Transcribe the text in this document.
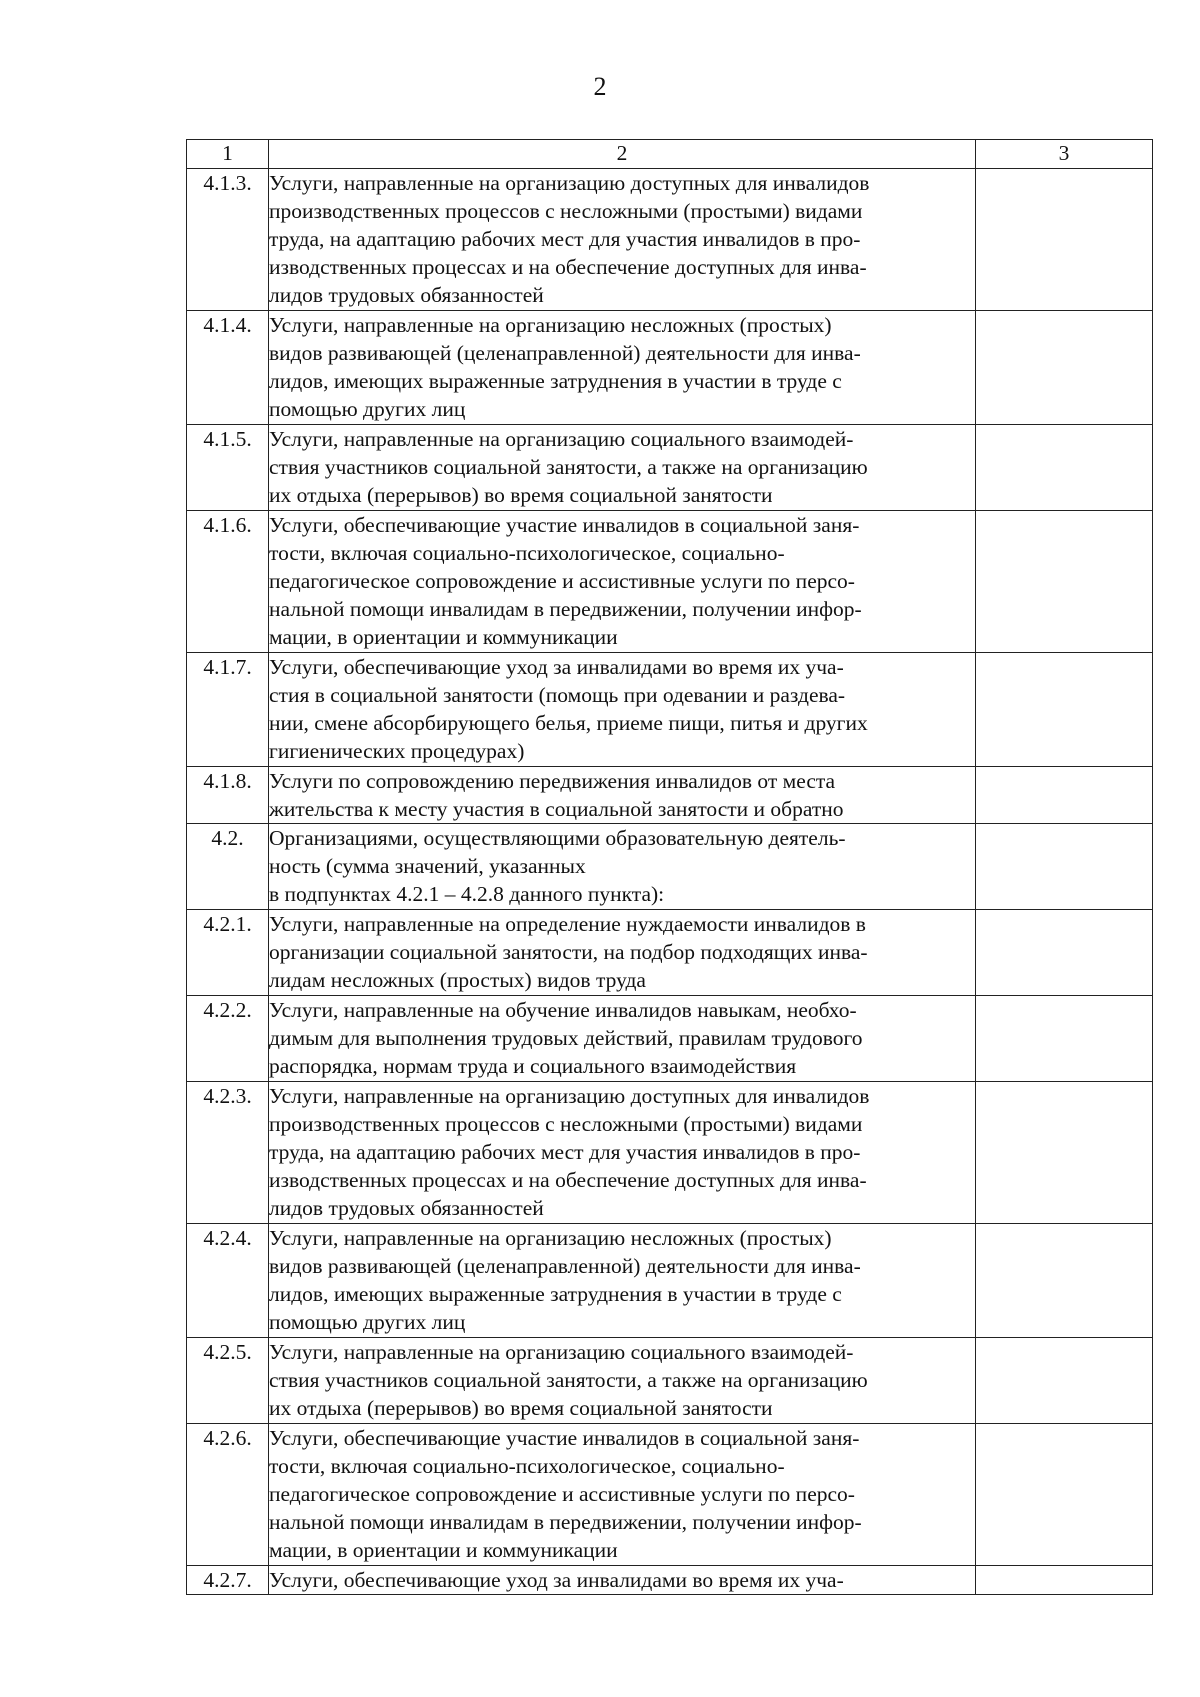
2
1	2	3
4.1.3.	Услуги, направленные на организацию доступных для инвалидов
производственных процессов с несложными (простыми) видами
труда, на адаптацию рабочих мест для участия инвалидов в про-
изводственных процессах и на обеспечение доступных для инва-
лидов трудовых обязанностей	

4.1.4.	Услуги, направленные на организацию несложных (простых)
видов развивающей (целенаправленной) деятельности для инва-
лидов, имеющих выраженные затруднения в участии в труде с
помощью других лиц	

4.1.5.	Услуги, направленные на организацию социального взаимодей-
ствия участников социальной занятости, а также на организацию
их отдыха (перерывов) во время социальной занятости	

4.1.6.	Услуги, обеспечивающие участие инвалидов в социальной заня-
тости, включая социально-психологическое, социально-
педагогическое сопровождение и ассистивные услуги по персо-
нальной помощи инвалидам в передвижении, получении инфор-
мации, в ориентации и коммуникации	

4.1.7.	Услуги, обеспечивающие уход за инвалидами во время их уча-
стия в социальной занятости (помощь при одевании и раздева-
нии, смене абсорбирующего белья, приеме пищи, питья и других
гигиенических процедурах)	

4.1.8.	Услуги по сопровождению передвижения инвалидов от места
жительства к месту участия в социальной занятости и обратно	

4.2.	Организациями, осуществляющими образовательную деятель-
ность (сумма значений, указанных
в подпунктах 4.2.1 – 4.2.8 данного пункта):	

4.2.1.	Услуги, направленные на определение нуждаемости инвалидов в
организации социальной занятости, на подбор подходящих инва-
лидам несложных (простых) видов труда	

4.2.2.	Услуги, направленные на обучение инвалидов навыкам, необхо-
димым для выполнения трудовых действий, правилам трудового
распорядка, нормам труда и социального взаимодействия	

4.2.3.	Услуги, направленные на организацию доступных для инвалидов
производственных процессов с несложными (простыми) видами
труда, на адаптацию рабочих мест для участия инвалидов в про-
изводственных процессах и на обеспечение доступных для инва-
лидов трудовых обязанностей	

4.2.4.	Услуги, направленные на организацию несложных (простых)
видов развивающей (целенаправленной) деятельности для инва-
лидов, имеющих выраженные затруднения в участии в труде с
помощью других лиц	

4.2.5.	Услуги, направленные на организацию социального взаимодей-
ствия участников социальной занятости, а также на организацию
их отдыха (перерывов) во время социальной занятости	

4.2.6.	Услуги, обеспечивающие участие инвалидов в социальной заня-
тости, включая социально-психологическое, социально-
педагогическое сопровождение и ассистивные услуги по персо-
нальной помощи инвалидам в передвижении, получении инфор-
мации, в ориентации и коммуникации	

4.2.7.	Услуги, обеспечивающие уход за инвалидами во время их уча-	
